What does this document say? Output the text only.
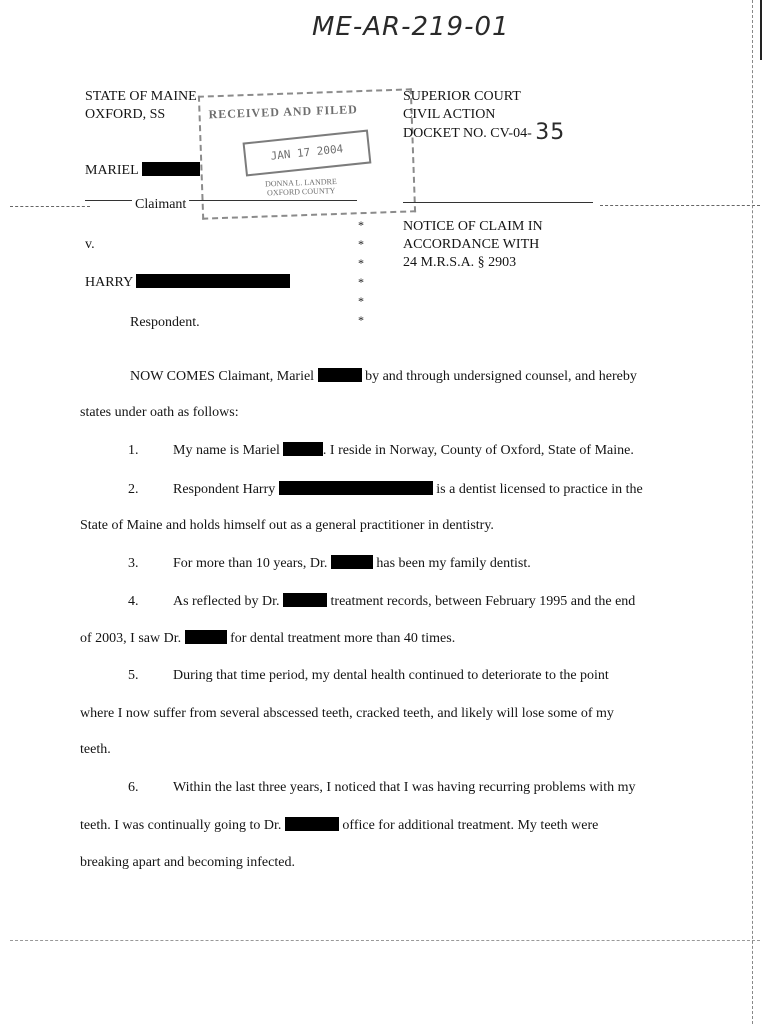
ME-AR-219-01
RECEIVED AND FILED
JAN 17 2004
DONNA L. LANDRE
OXFORD COUNTY
STATE OF MAINE
OXFORD, SS
SUPERIOR COURT
CIVIL ACTION
DOCKET NO. CV-04- 35
MARIEL
Claimant
v.
HARRY
Respondent.
*
*
*
*
*
*
NOTICE OF CLAIM IN
ACCORDANCE WITH
24 M.R.S.A. § 2903
NOW COMES Claimant, Mariel	by and through undersigned counsel, and hereby
states under oath as follows:
1. My name is Mariel	. I reside in Norway, County of Oxford, State of Maine.
2. Respondent Harry	is a dentist licensed to practice in the
State of Maine and holds himself out as a general practitioner in dentistry.
3. For more than 10 years, Dr.	has been my family dentist.
4. As reflected by Dr.	treatment records, between February 1995 and the end
of 2003, I saw Dr.	for dental treatment more than 40 times.
5. During that time period, my dental health continued to deteriorate to the point
where I now suffer from several abscessed teeth, cracked teeth, and likely will lose some of my
teeth.
6. Within the last three years, I noticed that I was having recurring problems with my
teeth. I was continually going to Dr.	office for additional treatment. My teeth were
breaking apart and becoming infected.
